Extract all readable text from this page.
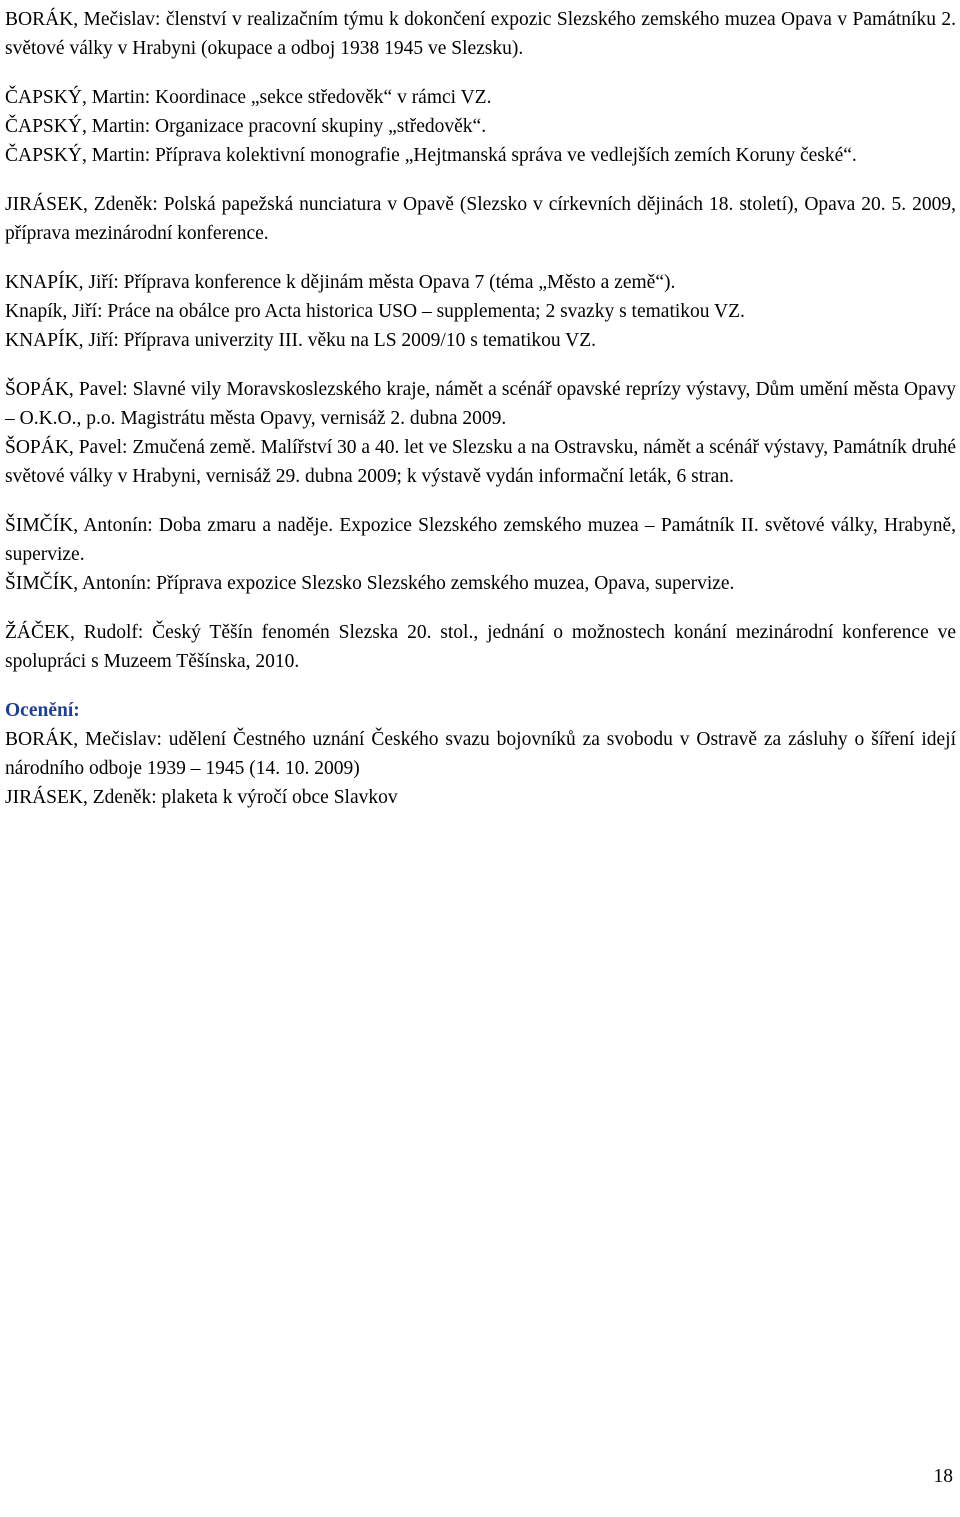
BORÁK, Mečislav: členství v realizačním týmu k dokončení expozic Slezského zemského muzea Opava v Památníku 2. světové války v Hrabyni (okupace a odboj 1938 1945 ve Slezsku).

ČAPSKÝ, Martin: Koordinace „sekce středověk“ v rámci VZ.

ČAPSKÝ, Martin: Organizace pracovní skupiny „středověk“.

ČAPSKÝ, Martin: Příprava kolektivní monografie „Hejtmanská správa ve vedlejších zemích Koruny české“.

JIRÁSEK, Zdeněk: Polská papežská nunciatura v Opavě (Slezsko v církevních dějinách 18. století), Opava 20. 5. 2009, příprava mezinárodní konference.

KNAPÍK, Jiří: Příprava konference k dějinám města Opava 7 (téma „Město a země“).

Knapík, Jiří: Práce na obálce pro Acta historica USO – supplementa; 2 svazky s tematikou VZ.

KNAPÍK, Jiří: Příprava univerzity III. věku na LS 2009/10 s tematikou VZ.

ŠOPÁK, Pavel: Slavné vily Moravskoslezského kraje, námět a scénář opavské reprízy výstavy, Dům umění města Opavy – O.K.O., p.o. Magistrátu města Opavy, vernisáž 2. dubna 2009.

ŠOPÁK, Pavel: Zmučená země. Malířství 30 a 40. let ve Slezsku a na Ostravsku, námět a scénář výstavy, Památník druhé světové války v Hrabyni, vernisáž 29. dubna 2009; k výstavě vydán informační leták, 6 stran.

ŠIMČÍK, Antonín: Doba zmaru a naděje. Expozice Slezského zemského muzea – Památník II. světové války, Hrabyně, supervize.

ŠIMČÍK, Antonín: Příprava expozice Slezsko Slezského zemského muzea, Opava, supervize.

ŽÁČEK, Rudolf: Český Těšín fenomén Slezska 20. stol., jednání o možnostech konání mezinárodní konference ve spolupráci s Muzeem Těšínska, 2010.

Ocenění:

BORÁK, Mečislav: udělení Čestného uznání Českého svazu bojovníků za svobodu v Ostravě za zásluhy o šíření idejí národního odboje 1939 – 1945 (14. 10. 2009)

JIRÁSEK, Zdeněk: plaketa k výročí obce Slavkov

18
